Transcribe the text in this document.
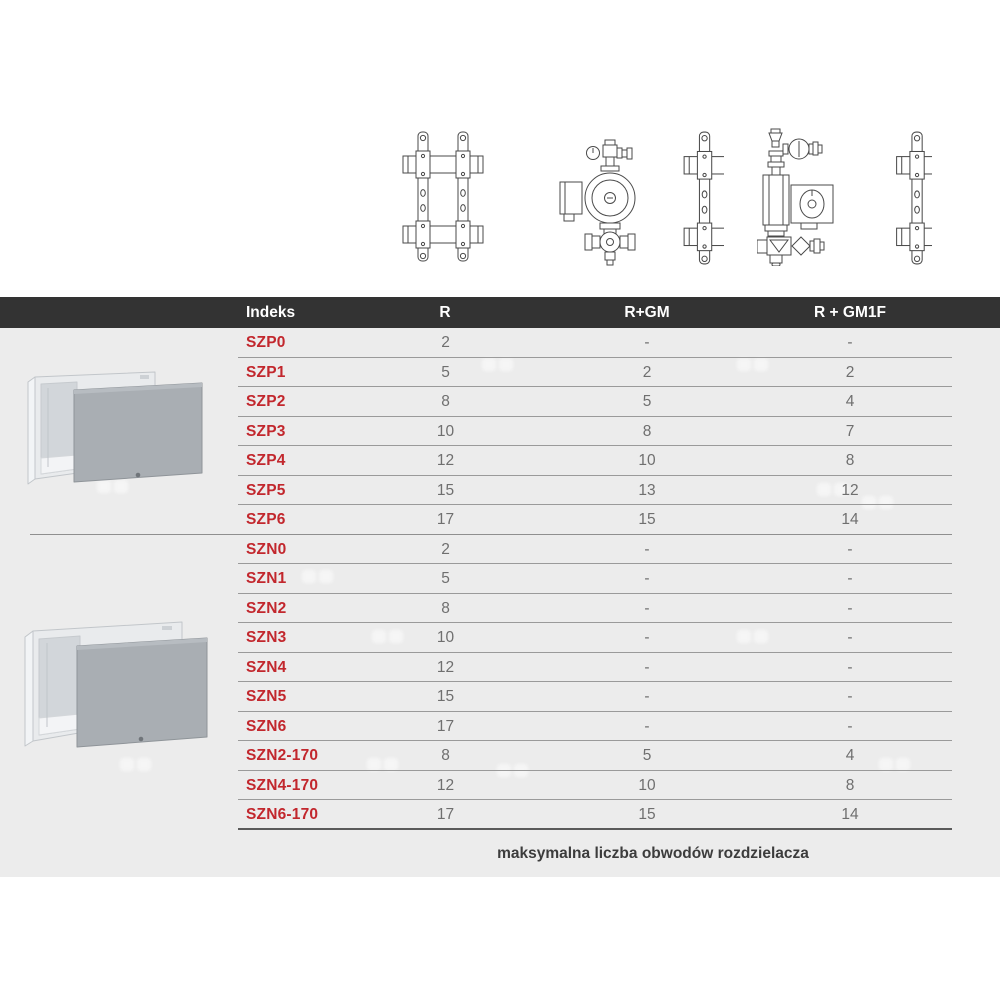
Indeks	R	R+GM	R + GM1F
SZP0	2	-	-
SZP1	5	2	2
SZP2	8	5	4
SZP3	10	8	7
SZP4	12	10	8
SZP5	15	13	12
SZP6	17	15	14
SZN0	2	-	-
SZN1	5	-	-
SZN2	8	-	-
SZN3	10	-	-
SZN4	12	-	-
SZN5	15	-	-
SZN6	17	-	-
SZN2-170	8	5	4
SZN4-170	12	10	8
SZN6-170	17	15	14
maksymalna liczba obwodów rozdzielacza
